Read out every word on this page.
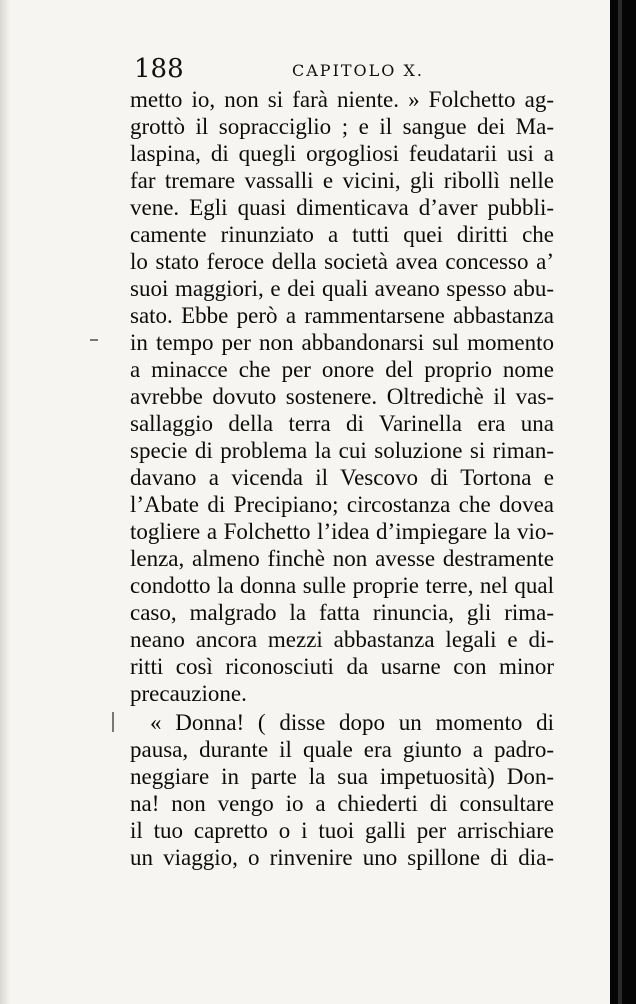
188	CAPITOLO X.
metto io, non si farà niente. » Folchetto ag-
grottò il sopracciglio ; e il sangue dei Ma-
laspina, di quegli orgogliosi feudatarii usi a
far tremare vassalli e vicini, gli ribollì nelle
vene. Egli quasi dimenticava d’aver pubbli-
camente rinunziato a tutti quei diritti che
lo stato feroce della società avea concesso a’
suoi maggiori, e dei quali aveano spesso abu-
sato. Ebbe però a rammentarsene abbastanza
in tempo per non abbandonarsi sul momento
a minacce che per onore del proprio nome
avrebbe dovuto sostenere. Oltredichè il vas-
sallaggio della terra di Varinella era una
specie di problema la cui soluzione si riman-
davano a vicenda il Vescovo di Tortona e
l’Abate di Precipiano; circostanza che dovea
togliere a Folchetto l’idea d’impiegare la vio-
lenza, almeno finchè non avesse destramente
condotto la donna sulle proprie terre, nel qual
caso, malgrado la fatta rinuncia, gli rima-
neano ancora mezzi abbastanza legali e di-
ritti così riconosciuti da usarne con minor
precauzione.
« Donna! ( disse dopo un momento di
pausa, durante il quale era giunto a padro-
neggiare in parte la sua impetuosità) Don-
na! non vengo io a chiederti di consultare
il tuo capretto o i tuoi galli per arrischiare
un viaggio, o rinvenire uno spillone di dia-
